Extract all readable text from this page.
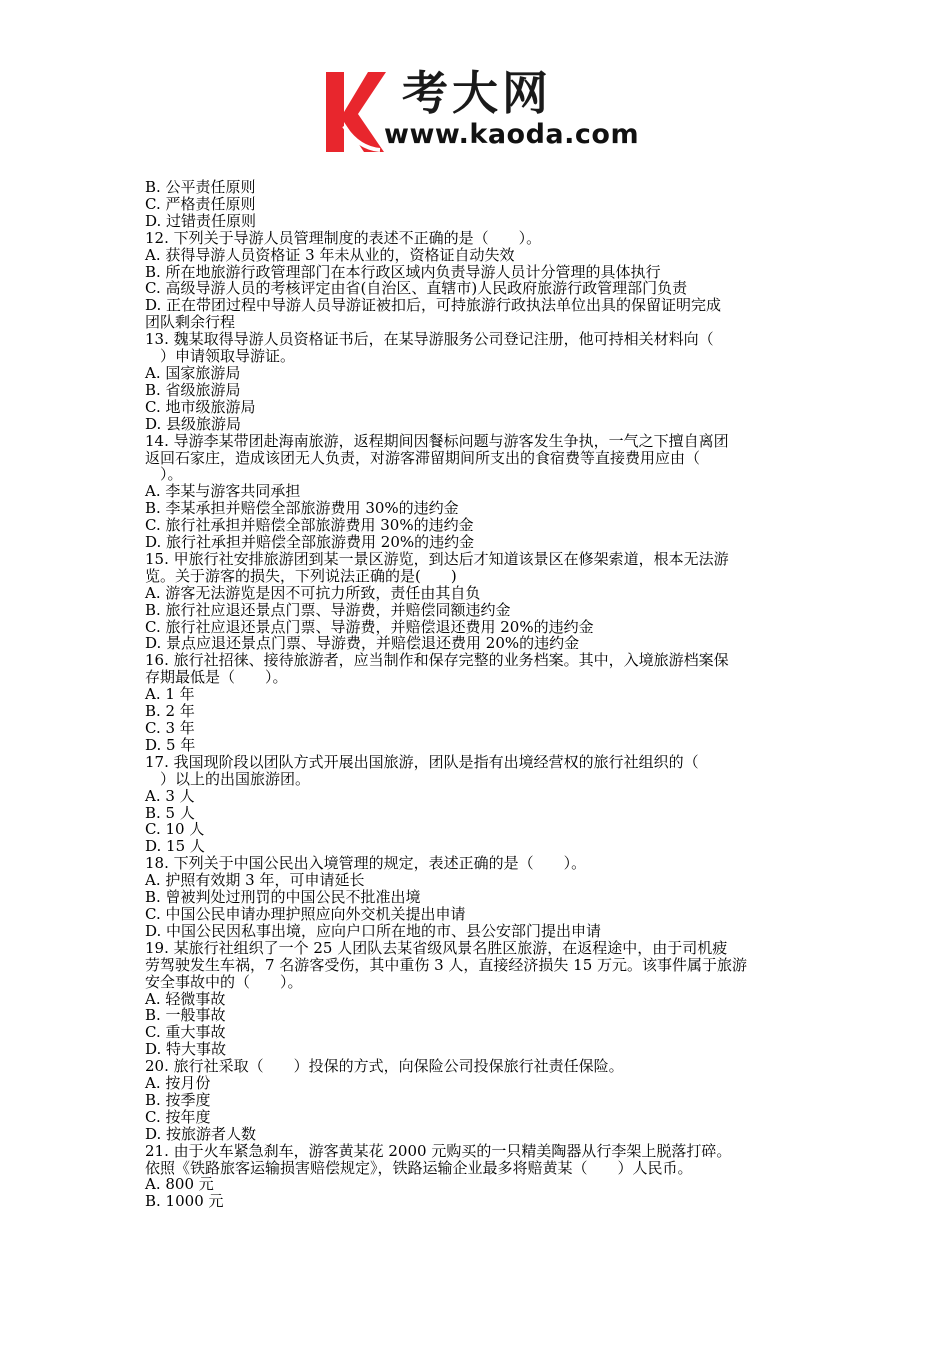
考大网
www.kaoda.com
B. 公平责任原则
C. 严格责任原则
D. 过错责任原则
12. 下列关于导游人员管理制度的表述不正确的是（　　）。
A. 获得导游人员资格证 3 年未从业的，资格证自动失效
B. 所在地旅游行政管理部门在本行政区域内负责导游人员计分管理的具体执行
C. 高级导游人员的考核评定由省(自治区、直辖市)人民政府旅游行政管理部门负责
D. 正在带团过程中导游人员导游证被扣后，可持旅游行政执法单位出具的保留证明完成
团队剩余行程
13. 魏某取得导游人员资格证书后，在某导游服务公司登记注册，他可持相关材料向（
　）申请领取导游证。
A. 国家旅游局
B. 省级旅游局
C. 地市级旅游局
D. 县级旅游局
14. 导游李某带团赴海南旅游，返程期间因餐标问题与游客发生争执，一气之下擅自离团
返回石家庄，造成该团无人负责，对游客滞留期间所支出的食宿费等直接费用应由（
　）。
A. 李某与游客共同承担
B. 李某承担并赔偿全部旅游费用 30%的违约金
C. 旅行社承担并赔偿全部旅游费用 30%的违约金
D. 旅行社承担并赔偿全部旅游费用 20%的违约金
15. 甲旅行社安排旅游团到某一景区游览，到达后才知道该景区在修架索道，根本无法游
览。关于游客的损失，下列说法正确的是(　　)
A. 游客无法游览是因不可抗力所致，责任由其自负
B. 旅行社应退还景点门票、导游费，并赔偿同额违约金
C. 旅行社应退还景点门票、导游费，并赔偿退还费用 20%的违约金
D. 景点应退还景点门票、导游费，并赔偿退还费用 20%的违约金
16. 旅行社招徕、接待旅游者，应当制作和保存完整的业务档案。其中，入境旅游档案保
存期最低是（　　）。
A. 1 年
B. 2 年
C. 3 年
D. 5 年
17. 我国现阶段以团队方式开展出国旅游，团队是指有出境经营权的旅行社组织的（
　）以上的出国旅游团。
A. 3 人
B. 5 人
C. 10 人
D. 15 人
18. 下列关于中国公民出入境管理的规定，表述正确的是（　　）。
A. 护照有效期 3 年，可申请延长
B. 曾被判处过刑罚的中国公民不批准出境
C. 中国公民申请办理护照应向外交机关提出申请
D. 中国公民因私事出境，应向户口所在地的市、县公安部门提出申请
19. 某旅行社组织了一个 25 人团队去某省级风景名胜区旅游，在返程途中，由于司机疲
劳驾驶发生车祸，7 名游客受伤，其中重伤 3 人，直接经济损失 15 万元。该事件属于旅游
安全事故中的（　　）。
A. 轻微事故
B. 一般事故
C. 重大事故
D. 特大事故
20. 旅行社采取（　　）投保的方式，向保险公司投保旅行社责任保险。
A. 按月份
B. 按季度
C. 按年度
D. 按旅游者人数
21. 由于火车紧急刹车，游客黄某花 2000 元购买的一只精美陶器从行李架上脱落打碎。
依照《铁路旅客运输损害赔偿规定》，铁路运输企业最多将赔黄某（　　）人民币。
A. 800 元
B. 1000 元
